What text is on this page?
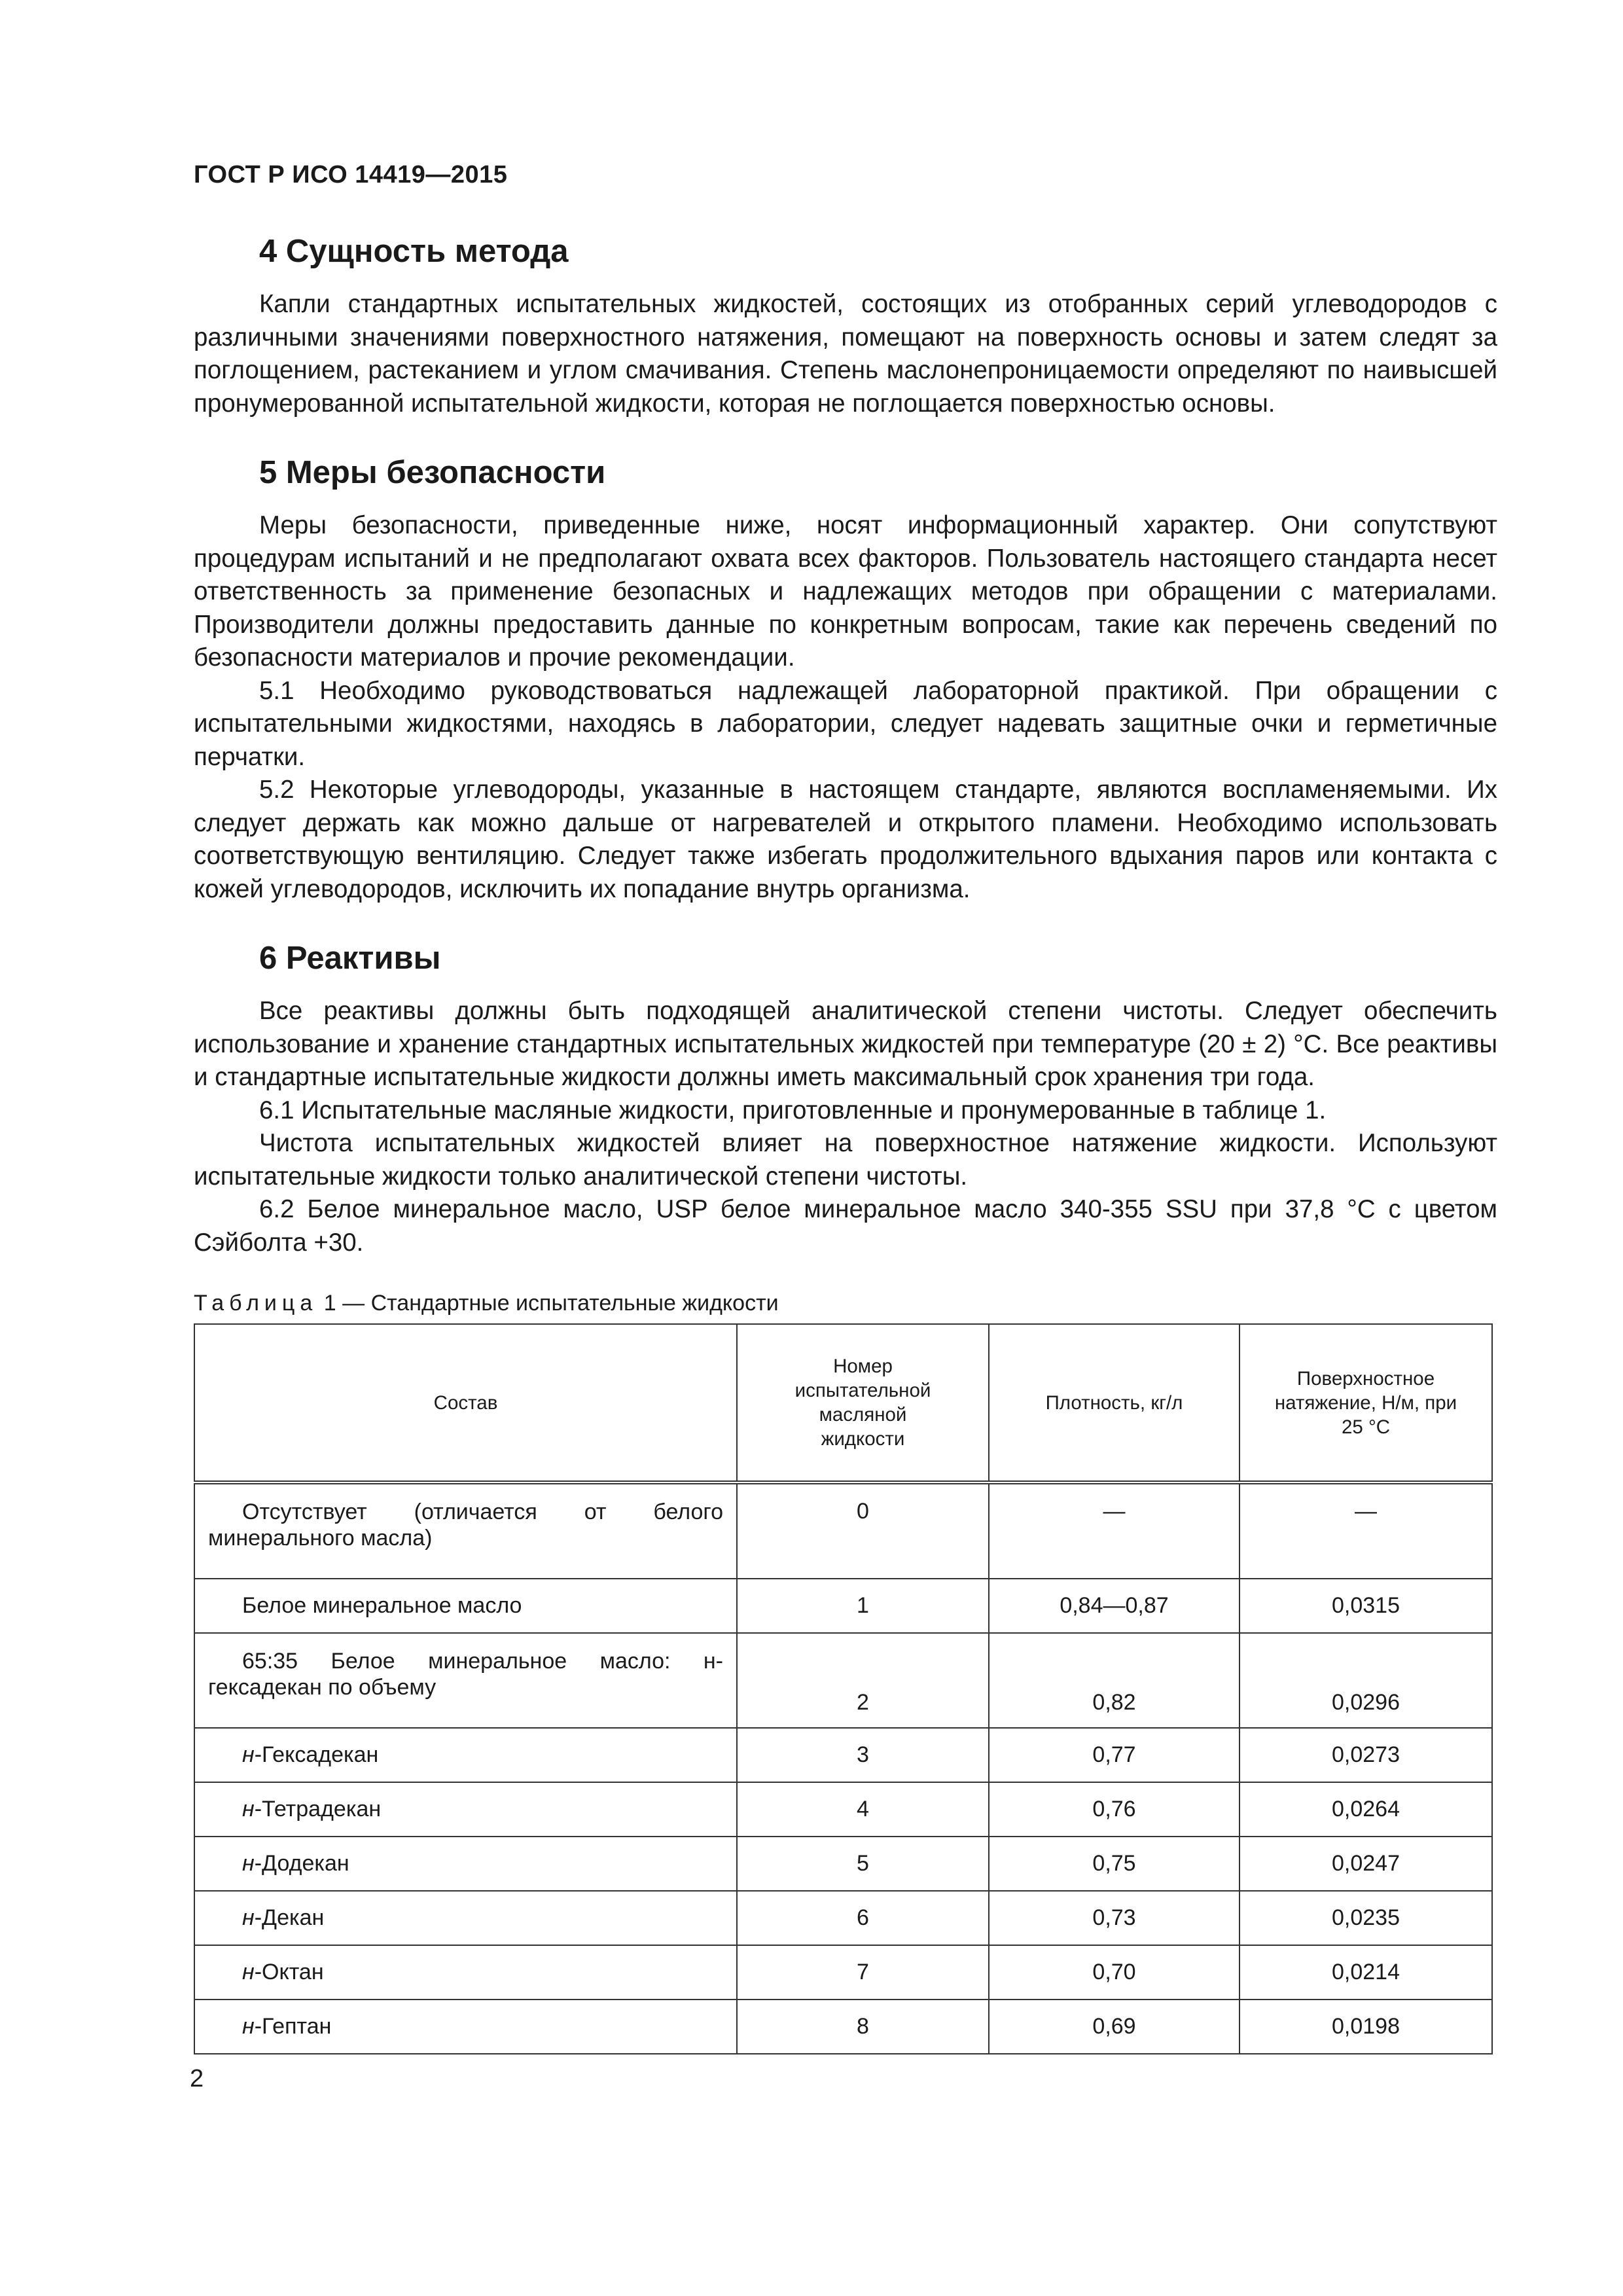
ГОСТ Р ИСО 14419—2015
4 Сущность метода

Капли стандартных испытательных жидкостей, состоящих из отобранных серий углеводородов с различными значениями поверхностного натяжения, помещают на поверхность основы и затем следят за поглощением, растеканием и углом смачивания. Степень маслонепроницаемости определяют по наивысшей пронумерованной испытательной жидкости, которая не поглощается поверхностью основы.

5 Меры безопасности

Меры безопасности, приведенные ниже, носят информационный характер. Они сопутствуют процедурам испытаний и не предполагают охвата всех факторов. Пользователь настоящего стандарта несет ответственность за применение безопасных и надлежащих методов при обращении с материалами. Производители должны предоставить данные по конкретным вопросам, такие как перечень сведений по безопасности материалов и прочие рекомендации.

5.1 Необходимо руководствоваться надлежащей лабораторной практикой. При обращении с испытательными жидкостями, находясь в лаборатории, следует надевать защитные очки и герметичные перчатки.

5.2 Некоторые углеводороды, указанные в настоящем стандарте, являются воспламеняемыми. Их следует держать как можно дальше от нагревателей и открытого пламени. Необходимо использовать соответствующую вентиляцию. Следует также избегать продолжительного вдыхания паров или контакта с кожей углеводородов, исключить их попадание внутрь организма.

6 Реактивы

Все реактивы должны быть подходящей аналитической степени чистоты. Следует обеспечить использование и хранение стандартных испытательных жидкостей при температуре (20 ± 2) °С. Все реактивы и стандартные испытательные жидкости должны иметь максимальный срок хранения три года.

6.1 Испытательные масляные жидкости, приготовленные и пронумерованные в таблице 1.

Чистота испытательных жидкостей влияет на поверхностное натяжение жидкости. Используют испытательные жидкости только аналитической степени чистоты.

6.2 Белое минеральное масло, USP белое минеральное масло 340-355 SSU при 37,8 °С с цветом Сэйболта +30.

Таблица 1 — Стандартные испытательные жидкости
Состав	Номер испытательной масляной жидкости	Плотность, кг/л	Поверхностное натяжение, Н/м, при 25 °С
Отсутствует (отличается от белого минерального масла)	0	—	—
Белое минеральное масло	1	0,84—0,87	0,0315
65:35 Белое минеральное масло: н-гексадекан по объему	2	0,82	0,0296
н-Гексадекан	3	0,77	0,0273
н-Тетрадекан	4	0,76	0,0264
н-Додекан	5	0,75	0,0247
н-Декан	6	0,73	0,0235
н-Октан	7	0,70	0,0214
н-Гептан	8	0,69	0,0198
2
